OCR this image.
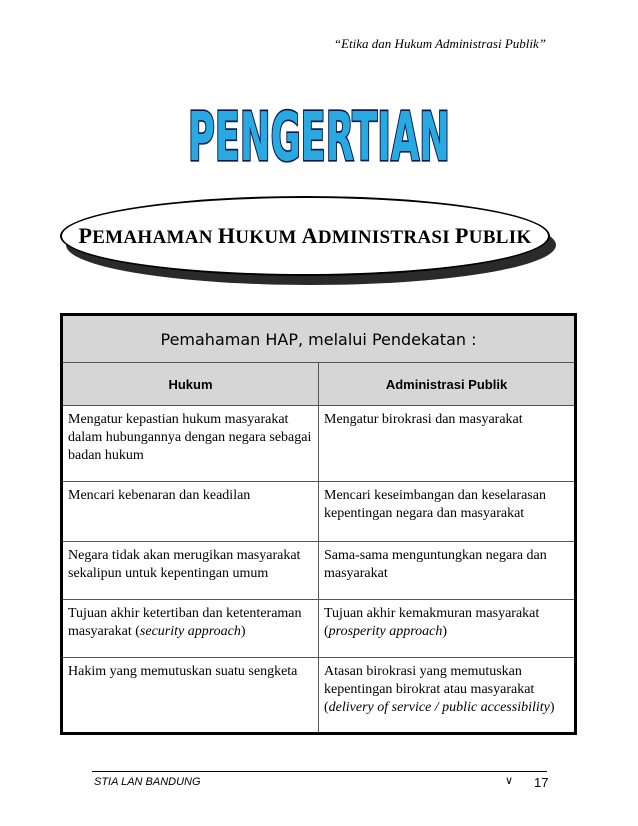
“Etika dan Hukum Administrasi Publik”
PENGERTIAN
PEMAHAMAN HUKUM ADMINISTRASI PUBLIK
Pemahaman HAP, melalui Pendekatan :	
Hukum	Administrasi Publik
Mengatur kepastian hukum masyarakat dalam hubungannya dengan negara sebagai badan hukum	Mengatur birokrasi dan masyarakat
Mencari kebenaran dan keadilan	Mencari keseimbangan dan keselarasan kepentingan negara dan masyarakat
Negara tidak akan merugikan masyarakat sekalipun untuk kepentingan umum	Sama-sama menguntungkan negara dan masyarakat
Tujuan akhir ketertiban dan ketenteraman masyarakat (security approach)	Tujuan akhir kemakmuran masyarakat (prosperity approach)
Hakim yang memutuskan suatu sengketa	Atasan birokrasi yang memutuskan kepentingan birokrat atau masyarakat (delivery of service / public accessibility)
STIA LAN BANDUNG	∨ 17
